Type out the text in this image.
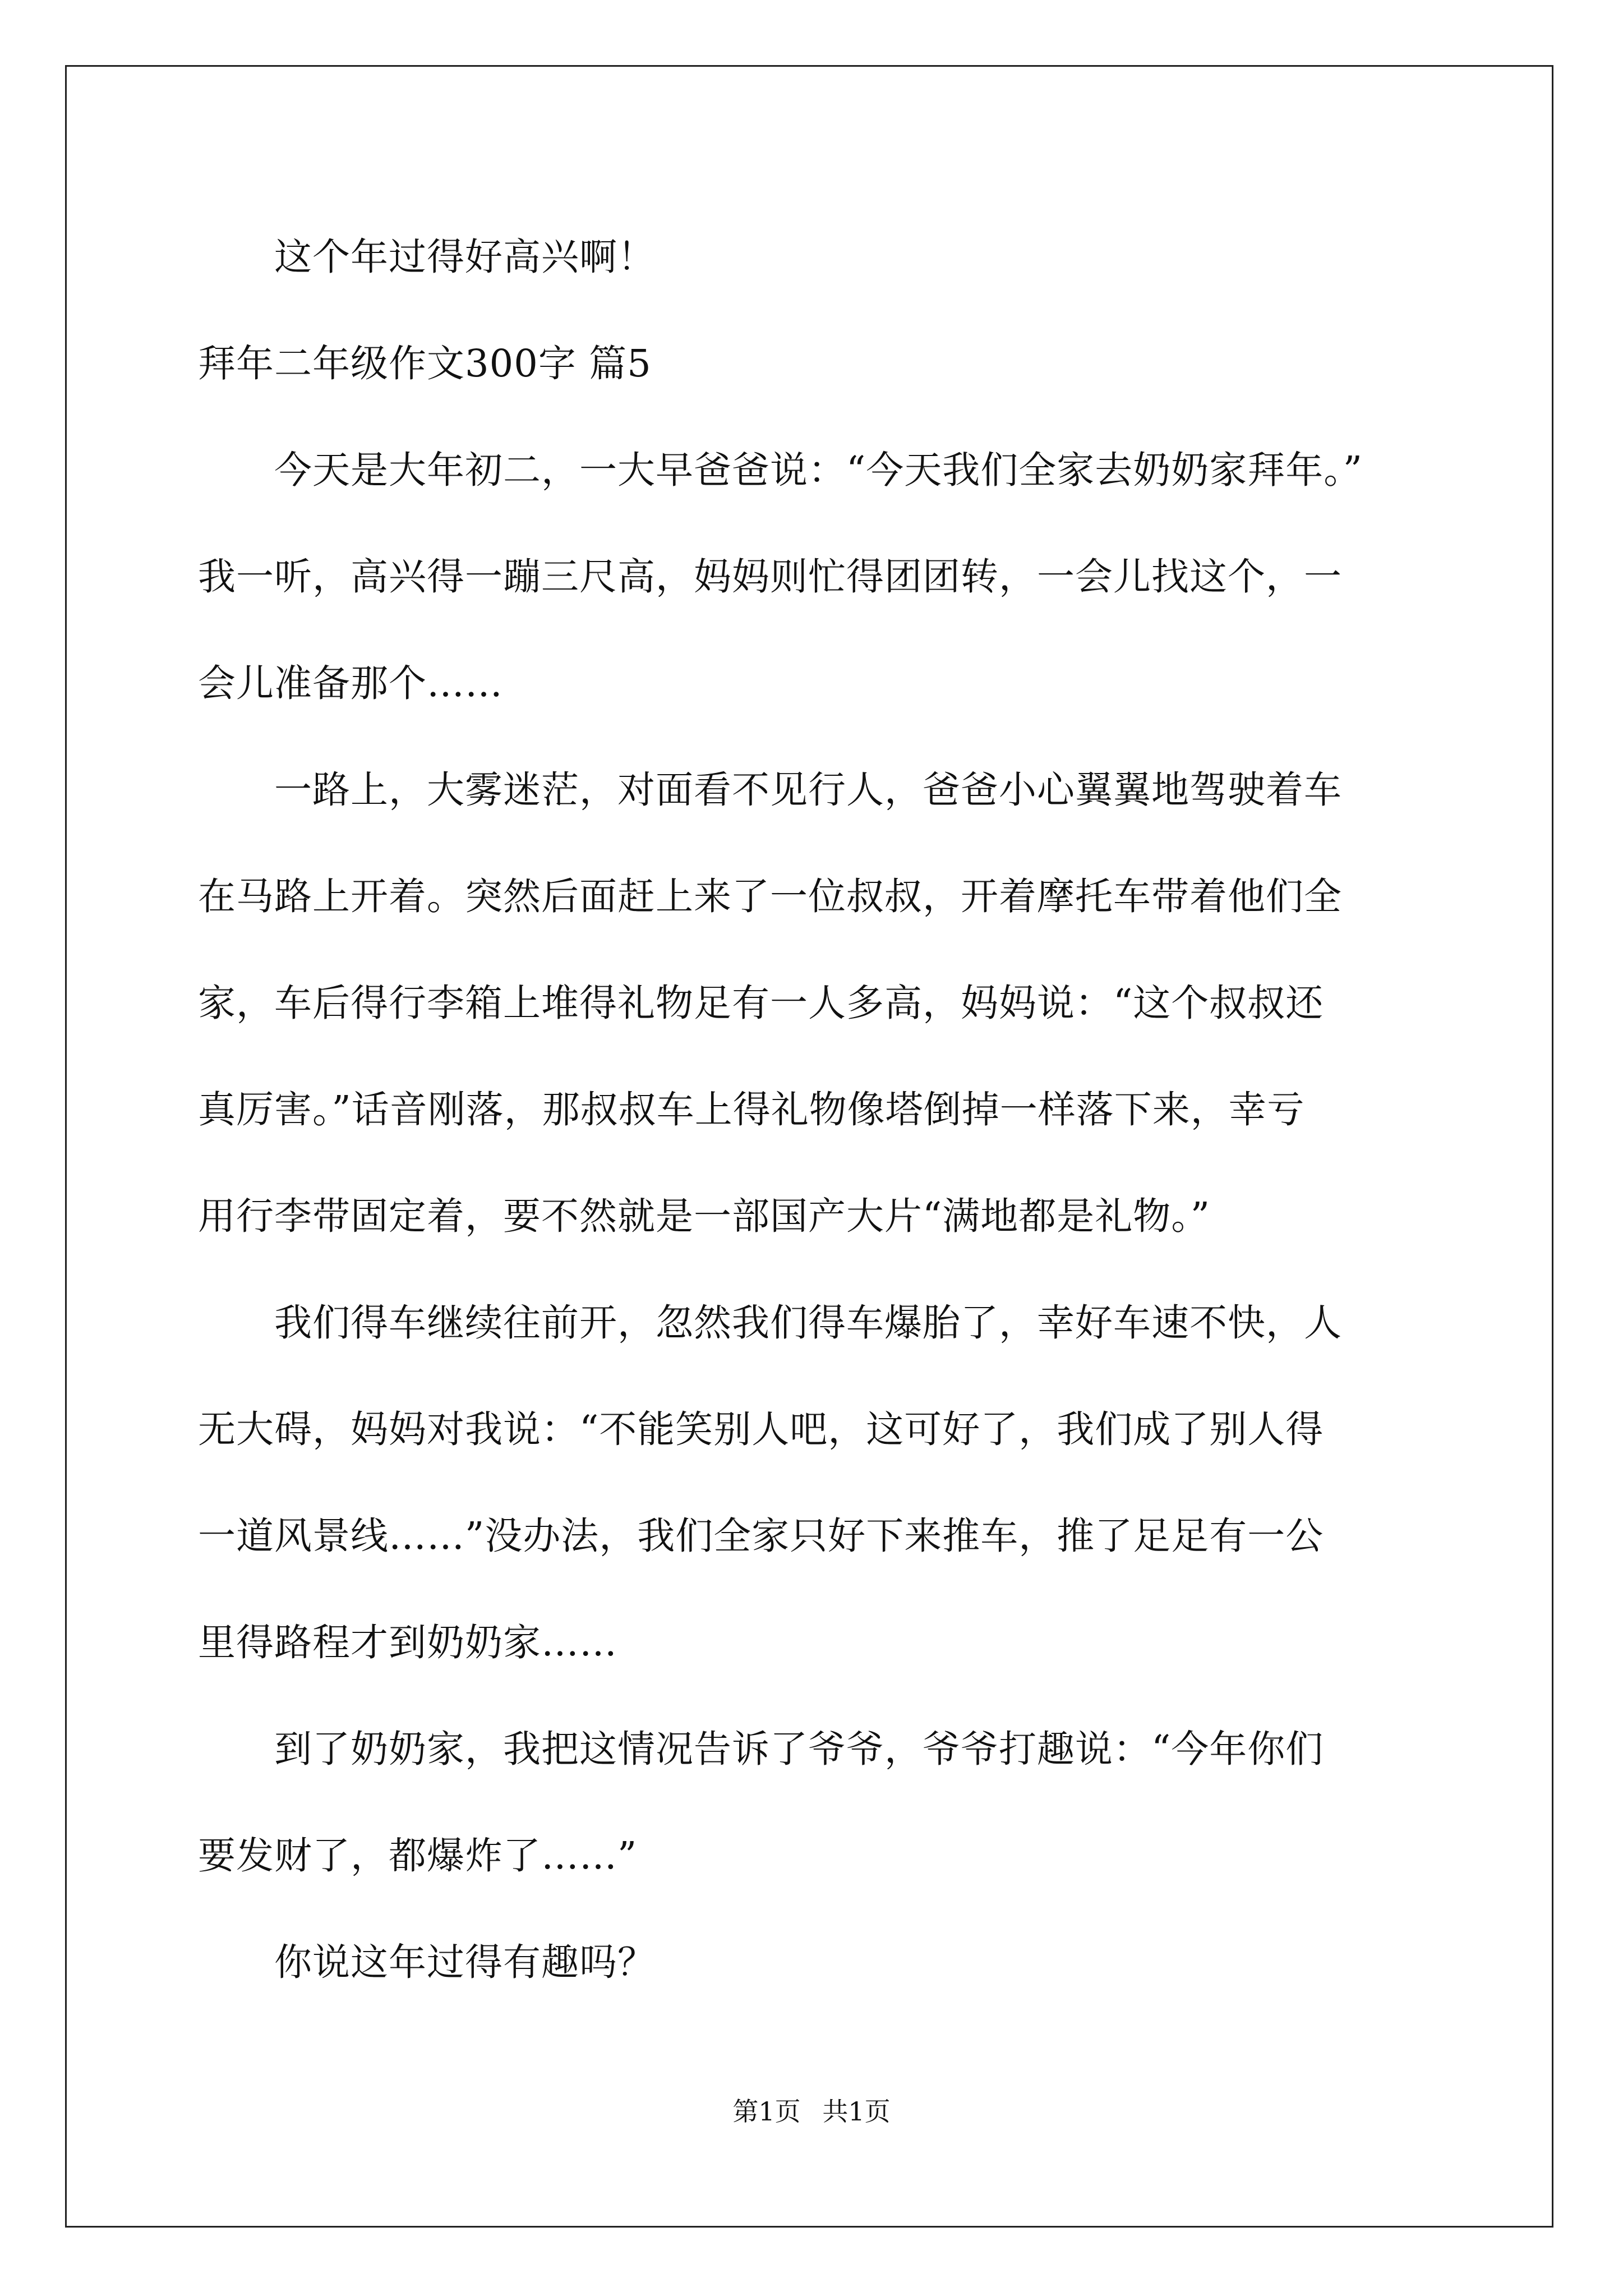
　　这个年过得好高兴啊！
拜年二年级作文300字 篇5
　　今天是大年初二，一大早爸爸说：“今天我们全家去奶奶家拜年。”
我一听，高兴得一蹦三尺高，妈妈则忙得团团转，一会儿找这个，一
会儿准备那个……
　　一路上，大雾迷茫，对面看不见行人，爸爸小心翼翼地驾驶着车
在马路上开着。突然后面赶上来了一位叔叔，开着摩托车带着他们全
家，车后得行李箱上堆得礼物足有一人多高，妈妈说：“这个叔叔还
真厉害。”话音刚落，那叔叔车上得礼物像塔倒掉一样落下来，幸亏
用行李带固定着，要不然就是一部国产大片“满地都是礼物。”
　　我们得车继续往前开，忽然我们得车爆胎了，幸好车速不快，人
无大碍，妈妈对我说：“不能笑别人吧，这可好了，我们成了别人得
一道风景线……”没办法，我们全家只好下来推车，推了足足有一公
里得路程才到奶奶家……
　　到了奶奶家，我把这情况告诉了爷爷，爷爷打趣说：“今年你们
要发财了，都爆炸了……”
　　你说这年过得有趣吗？
第1页 共1页
